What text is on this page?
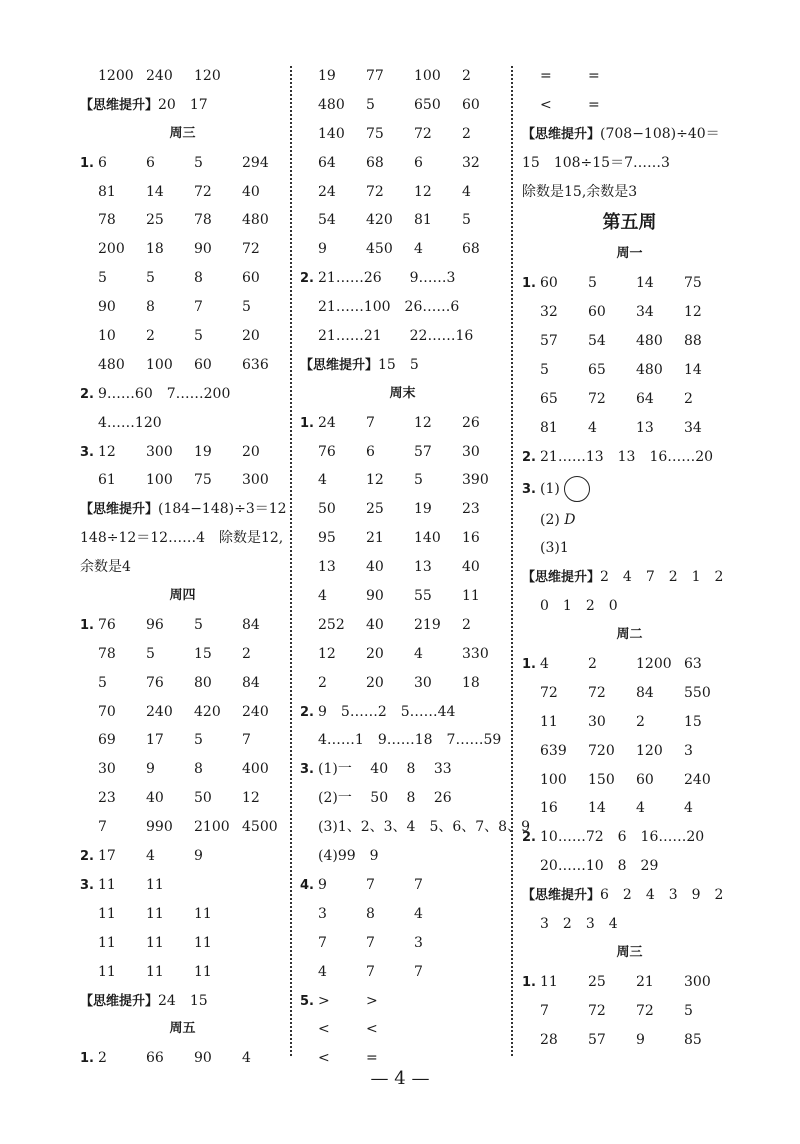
1200 240 120
【思维提升】20　17
周三
1. 6	6	5	294
81 14 72 40
78 25 78 480
200 18 90 72
5	5	8	60
90 8	7	5
10 2	5	20
480 100 60 636
2. 9……60　7……200
4……120
3. 12 300 19 20
61 100 75 300
【思维提升】(184−148)÷3＝12
148÷12＝12……4　除数是12,
余数是4
周四
1. 76 96 5	84
78 5	15 2
5	76 80 84
70 240 420 240
69 17 5	7
30 9	8	400
23 40 50 12
7	990 2100 4500
2. 17 4	9
3. 11 11
11 11 11
11 11 11
11 11 11
【思维提升】24　15
周五
1. 2	66 90 4
19 77 100 2
480 5	650 60
140 75 72 2
64 68 6	32
24 72 12 4
54 420 81 5
9	450 4	68
2. 21……26　　9……3
21……100　26……6
21……21　　22……16
【思维提升】15　5
周末
1. 24 7	12 26
76 6	57 30
4	12 5	390
50 25 19 23
95 21 140 16
13 40 13 40
4	90 55 11
252 40 219 2
12 20 4	330
2	20 30 18
2. 9　5……2　5……44
4……1　9……18　7……59
3. (1)一　 40　 8　 33
(2)一　 50　 8　 26
(3)1、2、3、4　5、6、7、8、9
(4)99　9
4. 9	7	7
3	8	4
7	7	3
4	7	7
5. >	>
<	<
<	=
=	=
<	=
【思维提升】(708−108)÷40＝
15　108÷15＝7……3
除数是15,余数是3
第五周
周一
1. 60 5	14 75
32 60 34 12
57 54 480 88
5	65 480 14
65 72 64 2
81 4	13 34
2. 21……13　13　16……20
3. (1)
(2) D
(3)1
【思维提升】2　4　7　2　1　2
0　1　2　0
周二
1. 4	2	1200 63
72 72 84 550
11 30 2	15
639 720 120 3
100 150 60 240
16 14 4	4
2. 10……72　6　16……20
20……10　8　29
【思维提升】6　2　4　3　9　2
3　2　3　4
周三
1. 11 25 21 300
7	72 72 5
28 57 9	85
— 4 —
